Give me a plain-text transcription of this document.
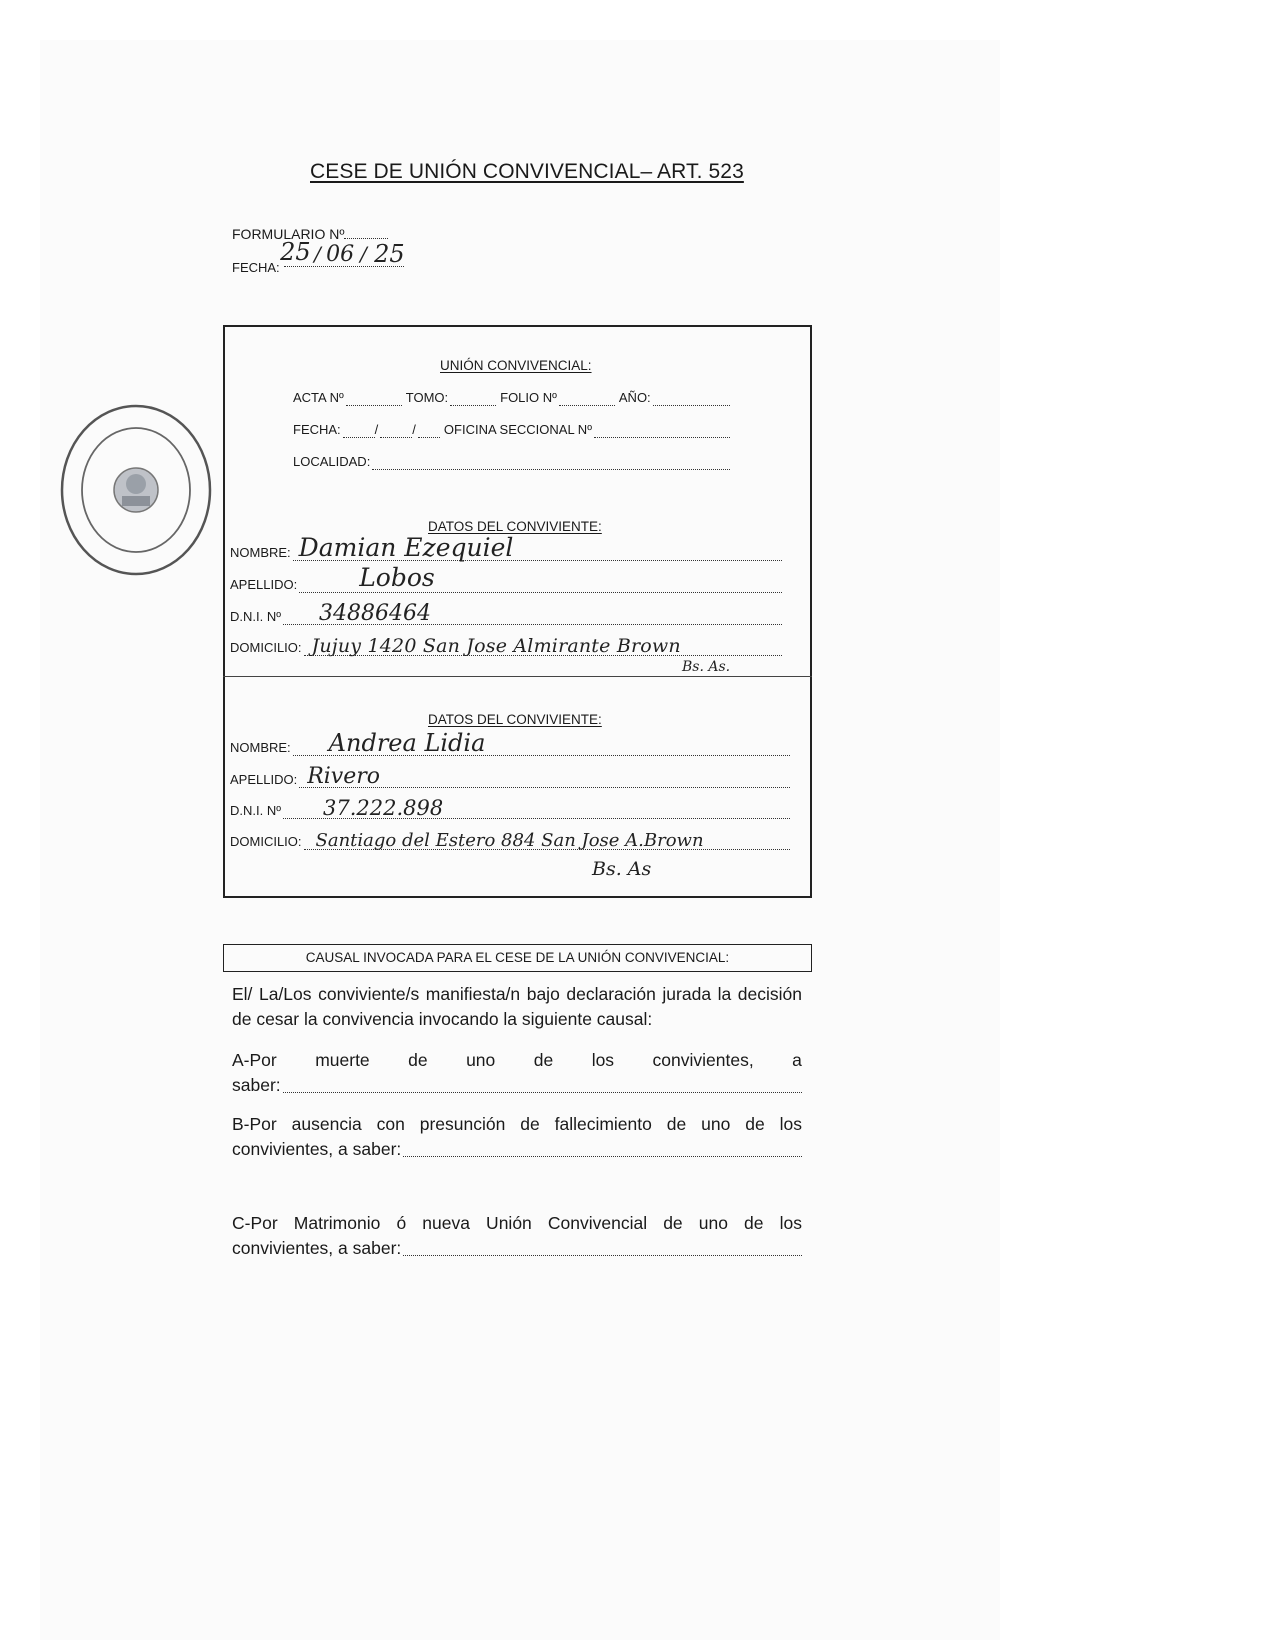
CESE DE UNIÓN CONVIVENCIAL– ART. 523
FORMULARIO Nº
FECHA:
25 / 06 / 25
UNIÓN CONVIVENCIAL:
ACTA Nº	TOMO:	FOLIO Nº	AÑO:
FECHA:	/	/ OFICINA SECCIONAL Nº
LOCALIDAD:
DATOS DEL CONVIVIENTE:
NOMBRE: Damian Ezequiel
APELLIDO: Lobos
D.N.I. Nº 34886464
DOMICILIO: Jujuy 1420 San Jose Almirante Brown
Bs. As.
DATOS DEL CONVIVIENTE:
NOMBRE: Andrea Lidia
APELLIDO: Rivero
D.N.I. Nº 37.222.898
DOMICILIO: Santiago del Estero 884 San Jose A.Brown
Bs. As
CAUSAL INVOCADA PARA EL CESE DE LA UNIÓN CONVIVENCIAL:
El/ La/Los conviviente/s manifiesta/n bajo declaración jurada la decisión de cesar la convivencia invocando la siguiente causal:
A-Por muerte de uno de los convivientes, a
saber:
B-Por ausencia con presunción de fallecimiento de uno de los
convivientes, a saber:
C-Por Matrimonio ó nueva Unión Convivencial de uno de los
convivientes, a saber:
